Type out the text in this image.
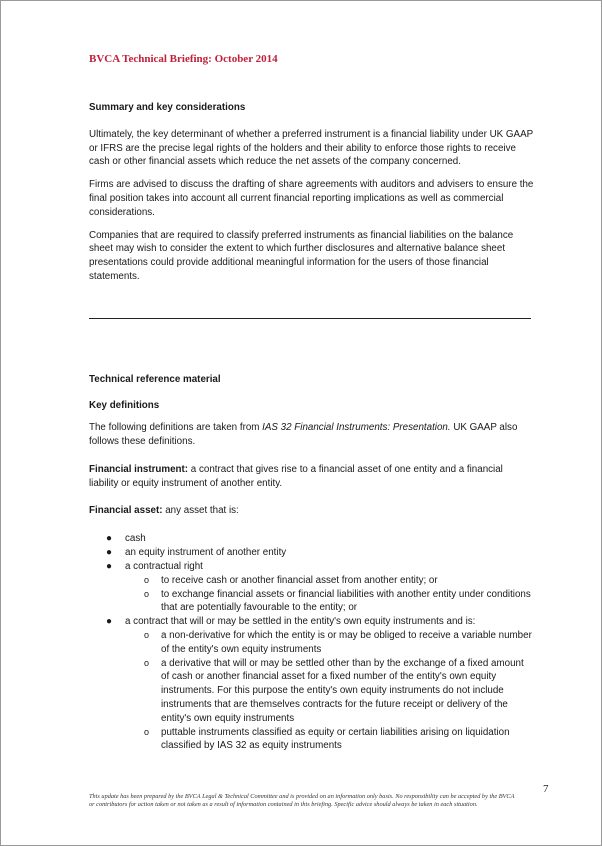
BVCA Technical Briefing: October 2014

Summary and key considerations

Ultimately, the key determinant of whether a preferred instrument is a financial liability under UK GAAP or IFRS are the precise legal rights of the holders and their ability to enforce those rights to receive cash or other financial assets which reduce the net assets of the company concerned.

Firms are advised to discuss the drafting of share agreements with auditors and advisers to ensure the final position takes into account all current financial reporting implications as well as commercial considerations.

Companies that are required to classify preferred instruments as financial liabilities on the balance sheet may wish to consider the extent to which further disclosures and alternative balance sheet presentations could provide additional meaningful information for the users of those financial statements.

Technical reference material

Key definitions

The following definitions are taken from IAS 32 Financial Instruments: Presentation. UK GAAP also follows these definitions.

Financial instrument: a contract that gives rise to a financial asset of one entity and a financial liability or equity instrument of another entity.

Financial asset: any asset that is:

● cash
● an equity instrument of another entity
● a contractual right
o to receive cash or another financial asset from another entity; or
o to exchange financial assets or financial liabilities with another entity under conditions that are potentially favourable to the entity; or
● a contract that will or may be settled in the entity's own equity instruments and is:
o a non-derivative for which the entity is or may be obliged to receive a variable number of the entity's own equity instruments
o a derivative that will or may be settled other than by the exchange of a fixed amount of cash or another financial asset for a fixed number of the entity's own equity instruments. For this purpose the entity's own equity instruments do not include instruments that are themselves contracts for the future receipt or delivery of the entity's own equity instruments
o puttable instruments classified as equity or certain liabilities arising on liquidation classified by IAS 32 as equity instruments
This update has been prepared by the BVCA Legal & Technical Committee and is provided on an information only basis. No responsibility can be accepted by the BVCA or contributors for action taken or not taken as a result of information contained in this briefing. Specific advice should always be taken in each situation.
7
